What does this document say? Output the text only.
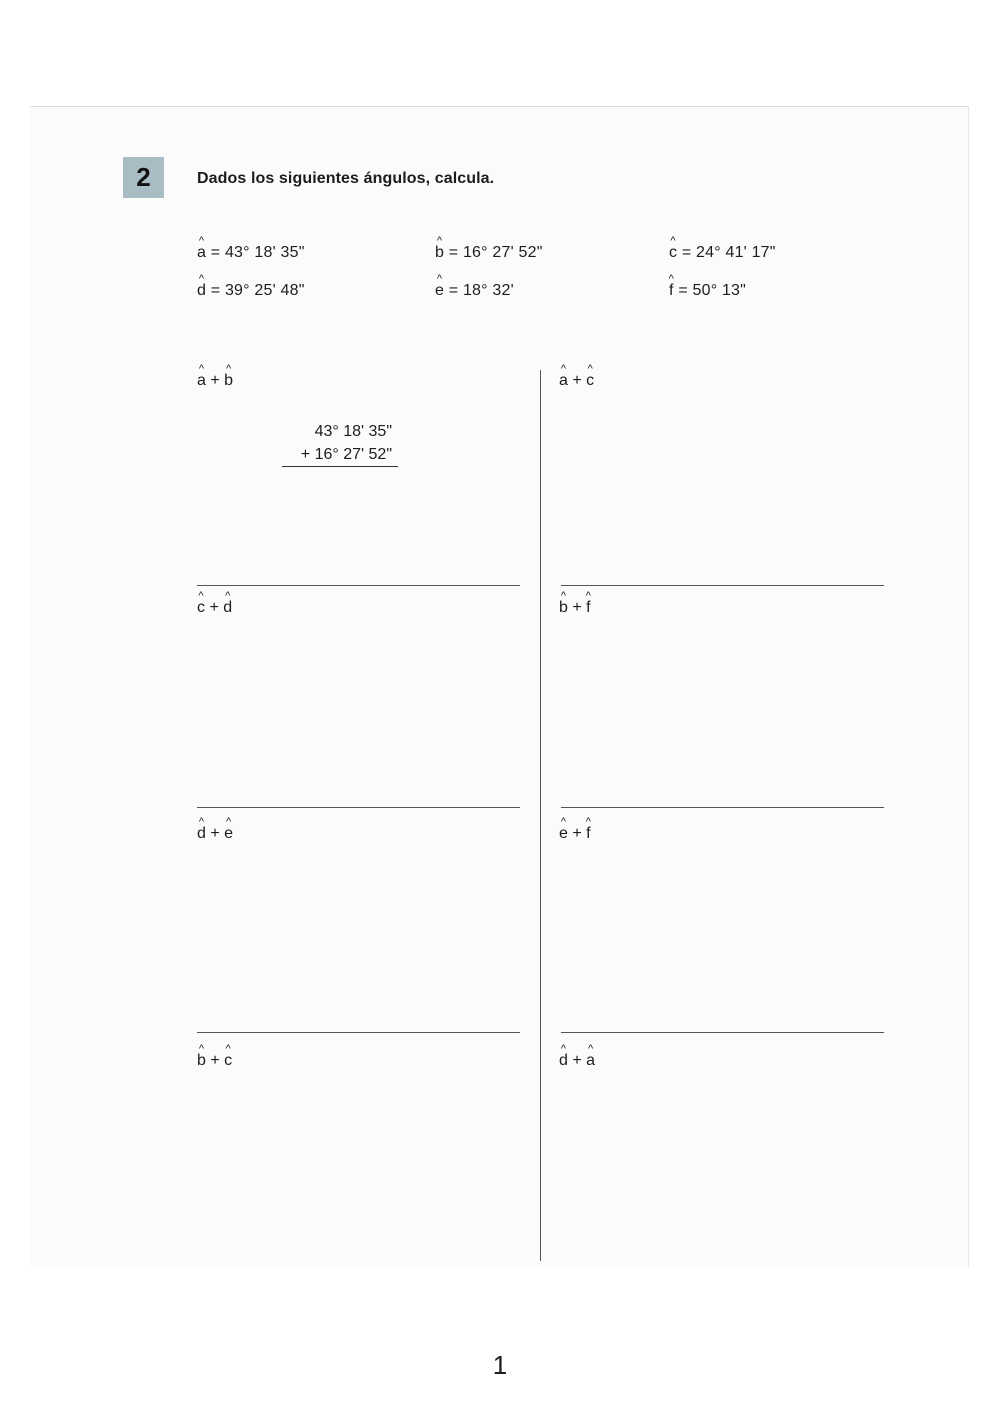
2	Dados los siguientes ángulos, calcula.
^
a = 43° 18' 35"
^
b = 16° 27' 52"
^
c = 24° 41' 17"
^
d = 39° 25' 48"
^
e = 18° 32'
^
f = 50° 13"
^
a +
^
b
^
a +
^
c
^
c +
^
d
^
b +
^
f
^
d +
^
e
^
e +
^
f
^
b +
^
c
^
d +
^
a
43° 18' 35"
+ 16° 27' 52"
1
